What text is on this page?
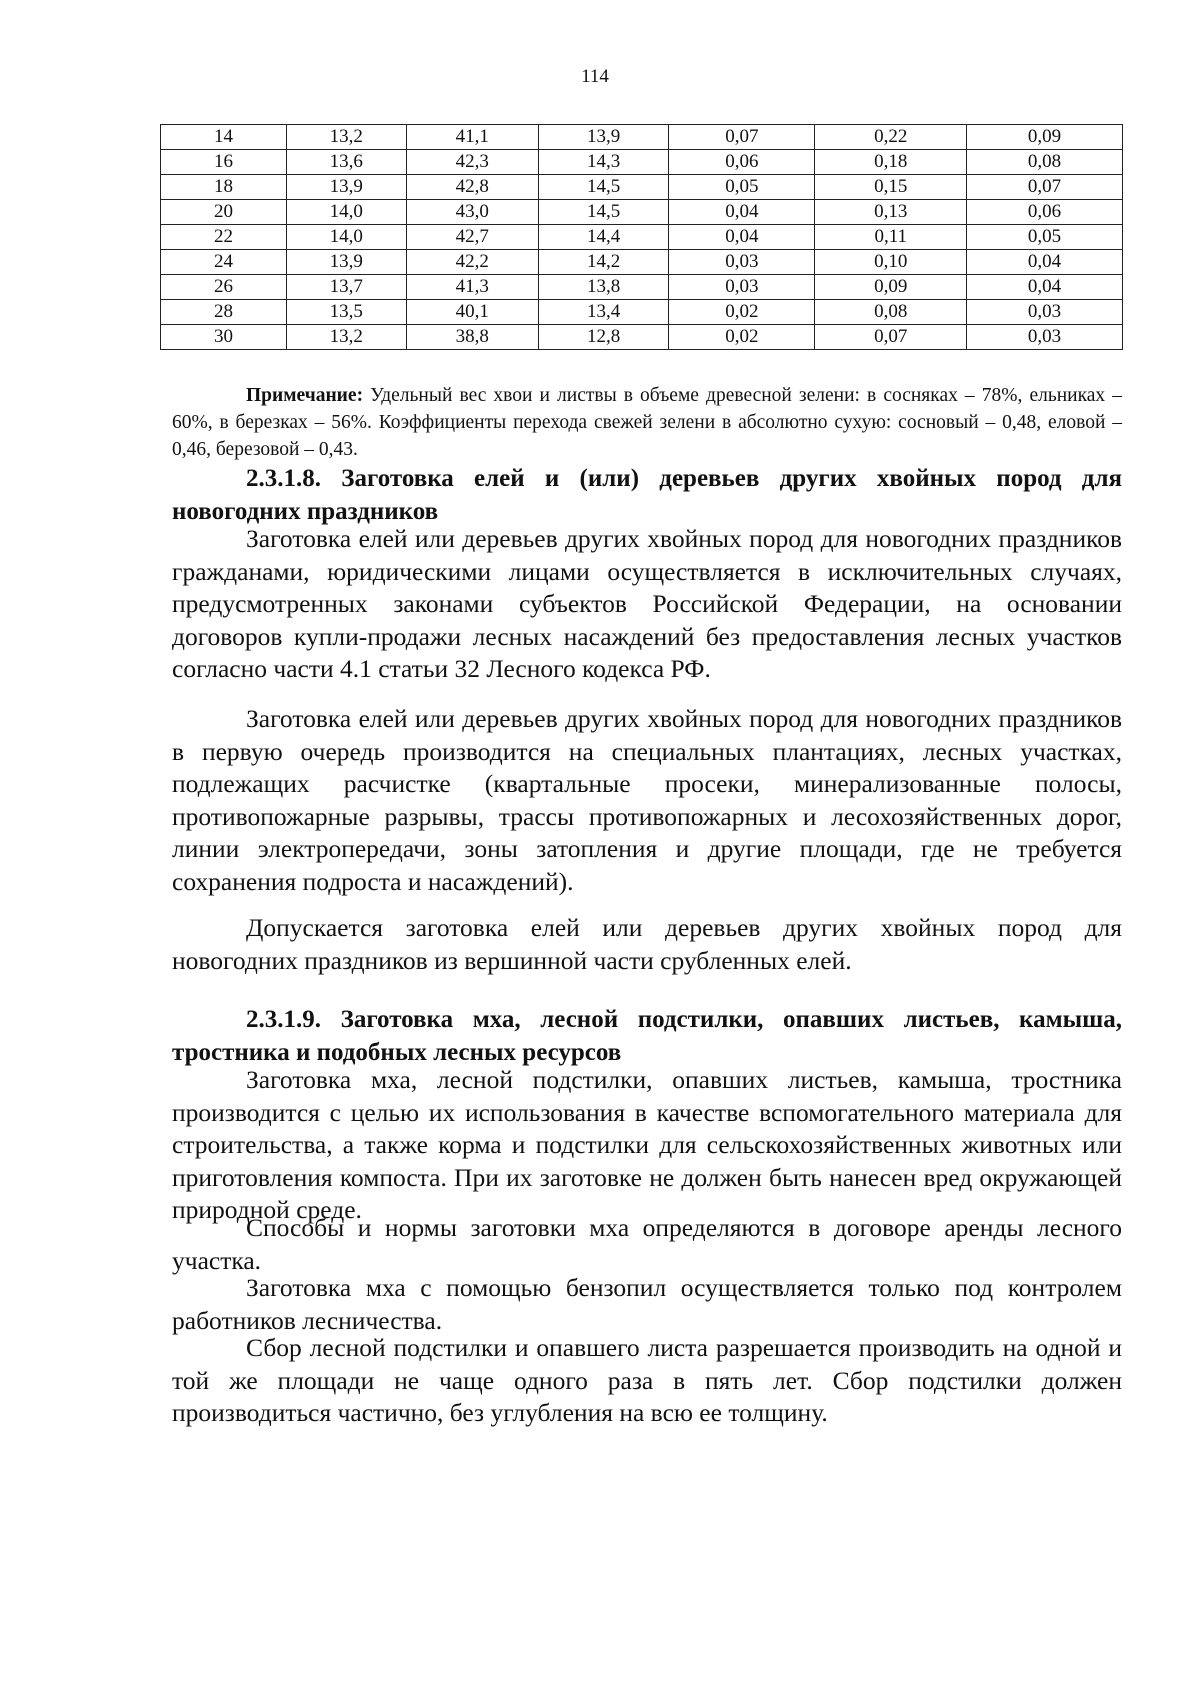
114
14	13,2	41,1	13,9	0,07	0,22	0,09
16	13,6	42,3	14,3	0,06	0,18	0,08
18	13,9	42,8	14,5	0,05	0,15	0,07
20	14,0	43,0	14,5	0,04	0,13	0,06
22	14,0	42,7	14,4	0,04	0,11	0,05
24	13,9	42,2	14,2	0,03	0,10	0,04
26	13,7	41,3	13,8	0,03	0,09	0,04
28	13,5	40,1	13,4	0,02	0,08	0,03
30	13,2	38,8	12,8	0,02	0,07	0,03
Примечание: Удельный вес хвои и листвы в объеме древесной зелени: в сосняках – 78%, ельниках – 60%, в березках – 56%. Коэффициенты перехода свежей зелени в абсолютно сухую: сосновый – 0,48, еловой – 0,46, березовой – 0,43.

2.3.1.8. Заготовка елей и (или) деревьев других хвойных пород для новогодних праздников

Заготовка елей или деревьев других хвойных пород для новогодних праздников гражданами, юридическими лицами осуществляется в исключительных случаях, предусмотренных законами субъектов Российской Федерации, на основании договоров купли-продажи лесных насаждений без предоставления лесных участков согласно части 4.1 статьи 32 Лесного кодекса РФ.

Заготовка елей или деревьев других хвойных пород для новогодних праздников в первую очередь производится на специальных плантациях, лесных участках, подлежащих расчистке (квартальные просеки, минерализованные полосы, противопожарные разрывы, трассы противопожарных и лесохозяйственных дорог, линии электропередачи, зоны затопления и другие площади, где не требуется сохранения подроста и насаждений).

Допускается заготовка елей или деревьев других хвойных пород для новогодних праздников из вершинной части срубленных елей.

2.3.1.9. Заготовка мха, лесной подстилки, опавших листьев, камыша, тростника и подобных лесных ресурсов

Заготовка мха, лесной подстилки, опавших листьев, камыша, тростника производится с целью их использования в качестве вспомогательного материала для строительства, а также корма и подстилки для сельскохозяйственных животных или приготовления компоста. При их заготовке не должен быть нанесен вред окружающей природной среде.

Способы и нормы заготовки мха определяются в договоре аренды лесного участка.

Заготовка мха с помощью бензопил осуществляется только под контролем работников лесничества.

Сбор лесной подстилки и опавшего листа разрешается производить на одной и той же площади не чаще одного раза в пять лет. Сбор подстилки должен производиться частично, без углубления на всю ее толщину.
